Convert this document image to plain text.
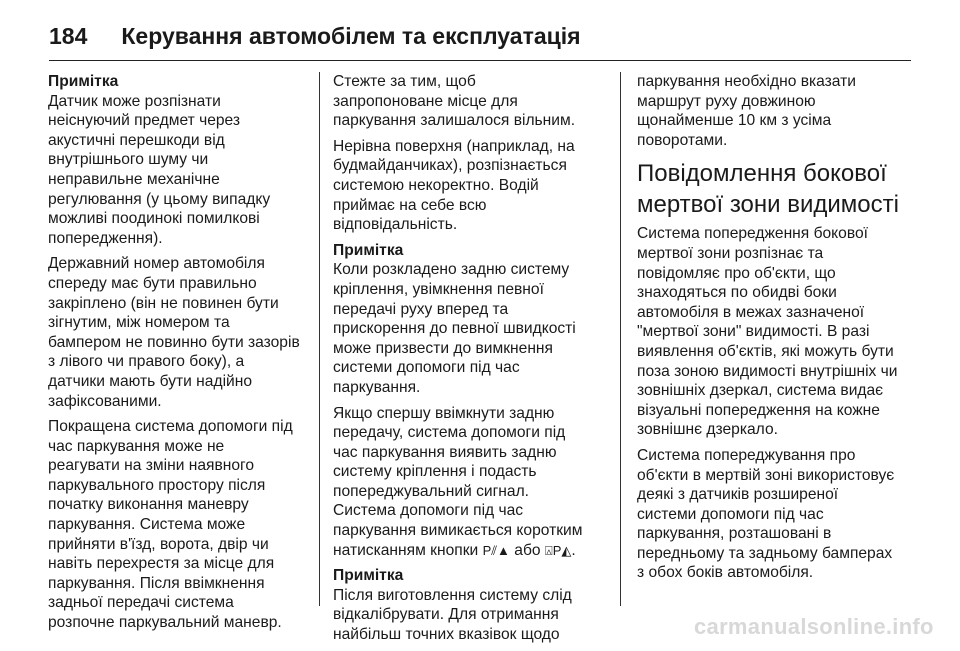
184 Керування автомобілем та експлуатація
Примітка
Датчик може розпізнати
неіснуючий предмет через
акустичні перешкоди від
внутрішнього шуму чи
неправильне механічне
регулювання (у цьому випадку
можливі поодинокі помилкові
попередження).
Державний номер автомобіля
спереду має бути правильно
закріплено (він не повинен бути
зігнутим, між номером та
бампером не повинно бути зазорів
з лівого чи правого боку), а
датчики мають бути надійно
зафіксованими.
Покращена система допомоги під
час паркування може не
реагувати на зміни наявного
паркувального простору після
початку виконання маневру
паркування. Система може
прийняти в'їзд, ворота, двір чи
навіть перехрестя за місце для
паркування. Після ввімкнення
задньої передачі система
розпочне паркувальний маневр.
Стежте за тим, щоб
запропоноване місце для
паркування залишалося вільним.
Нерівна поверхня (наприклад, на
будмайданчиках), розпізнається
системою некоректно. Водій
приймає на себе всю
відповідальність.
Примітка
Коли розкладено задню систему
кріплення, увімкнення певної
передачі руху вперед та
прискорення до певної швидкості
може призвести до вимкнення
системи допомоги під час
паркування.
Якщо спершу ввімкнути задню
передачу, система допомоги під
час паркування виявить задню
систему кріплення і подасть
попереджувальний сигнал.
Система допомоги під час
паркування вимикається коротким
натисканням кнопки P⫽▲ або ⍓P◭.
Примітка
Після виготовлення систему слід
відкалібрувати. Для отримання
найбільш точних вказівок щодо
паркування необхідно вказати
маршрут руху довжиною
щонайменше 10 км з усіма
поворотами.
Повідомлення бокової
мертвої зони видимості
Система попередження бокової
мертвої зони розпізнає та
повідомляє про об'єкти, що
знаходяться по обидві боки
автомобіля в межах зазначеної
"мертвої зони" видимості. В разі
виявлення об'єктів, які можуть бути
поза зоною видимості внутрішніх чи
зовнішніх дзеркал, система видає
візуальні попередження на кожне
зовнішнє дзеркало.
Система попереджування про
об'єкти в мертвій зоні використовує
деякі з датчиків розширеної
системи допомоги під час
паркування, розташовані в
передньому та задньому бамперах
з обох боків автомобіля.
carmanualsonline.info
